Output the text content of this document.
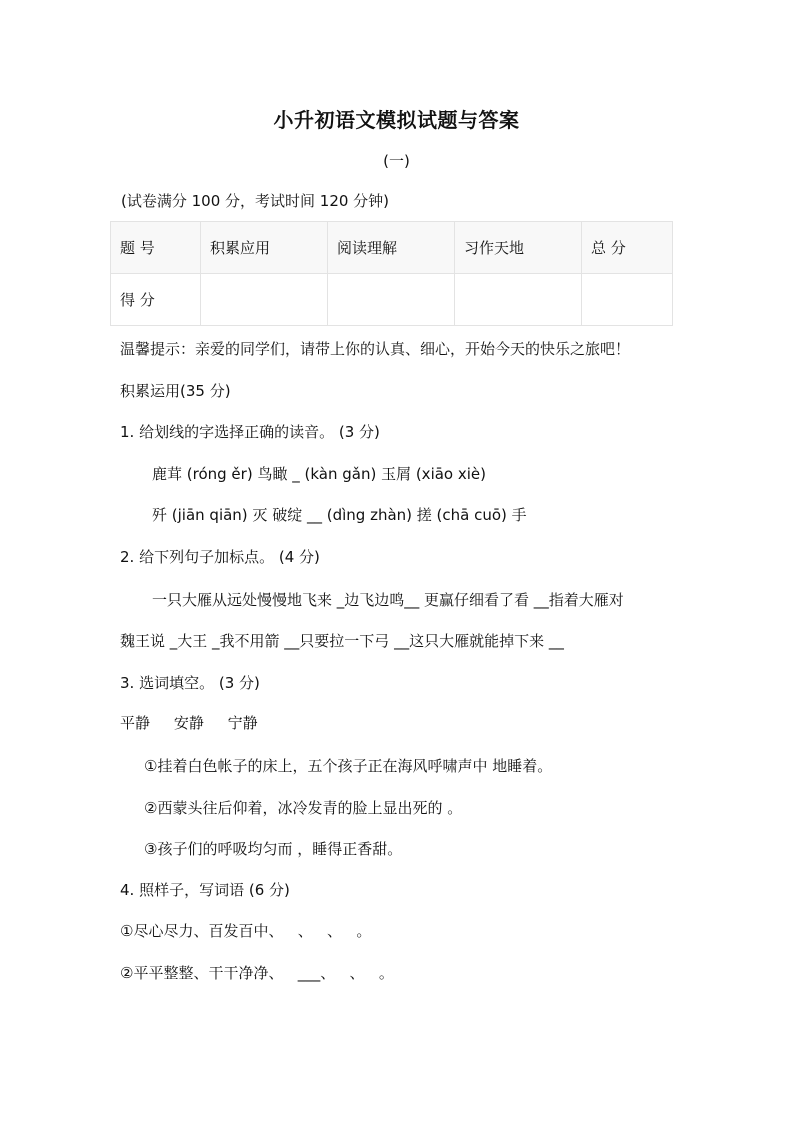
小升初语文模拟试题与答案
(一)
(试卷满分 100 分，考试时间 120 分钟)
题 号	积累应用	阅读理解	习作天地	总 分
得 分				
温馨提示：亲爱的同学们，请带上你的认真、细心，开始今天的快乐之旅吧！
积累运用(35 分)
1. 给划线的字选择正确的读音。 (3 分)
鹿茸 (róng ěr) 鸟瞰 _ (kàn gǎn) 玉屑 (xiāo xiè)
歼 (jiān qiān) 灭 破绽 __ (dìng zhàn) 搓 (chā cuō) 手
2. 给下列句子加标点。 (4 分)
一只大雁从远处慢慢地飞来 _边飞边鸣__ 更赢仔细看了看 __指着大雁对
魏王说 _大王 _我不用箭 __只要拉一下弓 __这只大雁就能掉下来 __
3. 选词填空。 (3 分)
平静     安静     宁静
①挂着白色帐子的床上，五个孩子正在海风呼啸声中 地睡着。
②西蒙头往后仰着，冰冷发青的脸上显出死的 。
③孩子们的呼吸均匀而 ，睡得正香甜。
4. 照样子，写词语 (6 分)
①尽心尽力、百发百中、   、   、   。
②平平整整、干干净净、   ___、   、   。
